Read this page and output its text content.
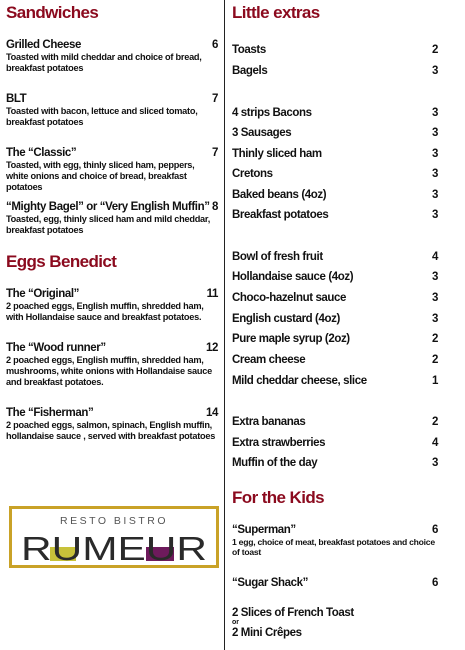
Sandwiches
Grilled Cheese	6
Toasted with mild cheddar and choice of bread, breakfast potatoes
BLT	7
Toasted with bacon, lettuce and sliced tomato, breakfast potatoes
The “Classic”	7
Toasted, with egg, thinly sliced ham, peppers, white onions and choice of bread, breakfast potatoes
“Mighty Bagel” or “Very English Muffin” 8
Toasted, egg, thinly sliced ham and mild cheddar, breakfast potatoes
Eggs Benedict
The “Original”	11
2 poached eggs, English muffin, shredded ham, with Hollandaise sauce and breakfast potatoes.
The “Wood runner”	12
2 poached eggs, English muffin, shredded ham, mushrooms, white onions with Hollandaise sauce and breakfast potatoes.
The “Fisherman”	14
2 poached eggs, salmon, spinach, English muffin, hollandaise sauce , served with breakfast potatoes
RESTO BISTRO
RUMEUR
Little extras
Toasts	2
Bagels	3
4 strips Bacons	3
3 Sausages	3
Thinly sliced ham	3
Cretons	3
Baked beans (4oz)	3
Breakfast potatoes	3
Bowl of fresh fruit	4
Hollandaise sauce (4oz)	3
Choco-hazelnut sauce	3
English custard (4oz)	3
Pure maple syrup (2oz)	2
Cream cheese	2
Mild cheddar cheese, slice	1
Extra bananas	2
Extra strawberries	4
Muffin of the day	3
For the Kids
“Superman”	6
1 egg, choice of meat, breakfast potatoes and choice of toast
“Sugar Shack”	6
2 Slices of French Toast
or
2 Mini Crêpes
